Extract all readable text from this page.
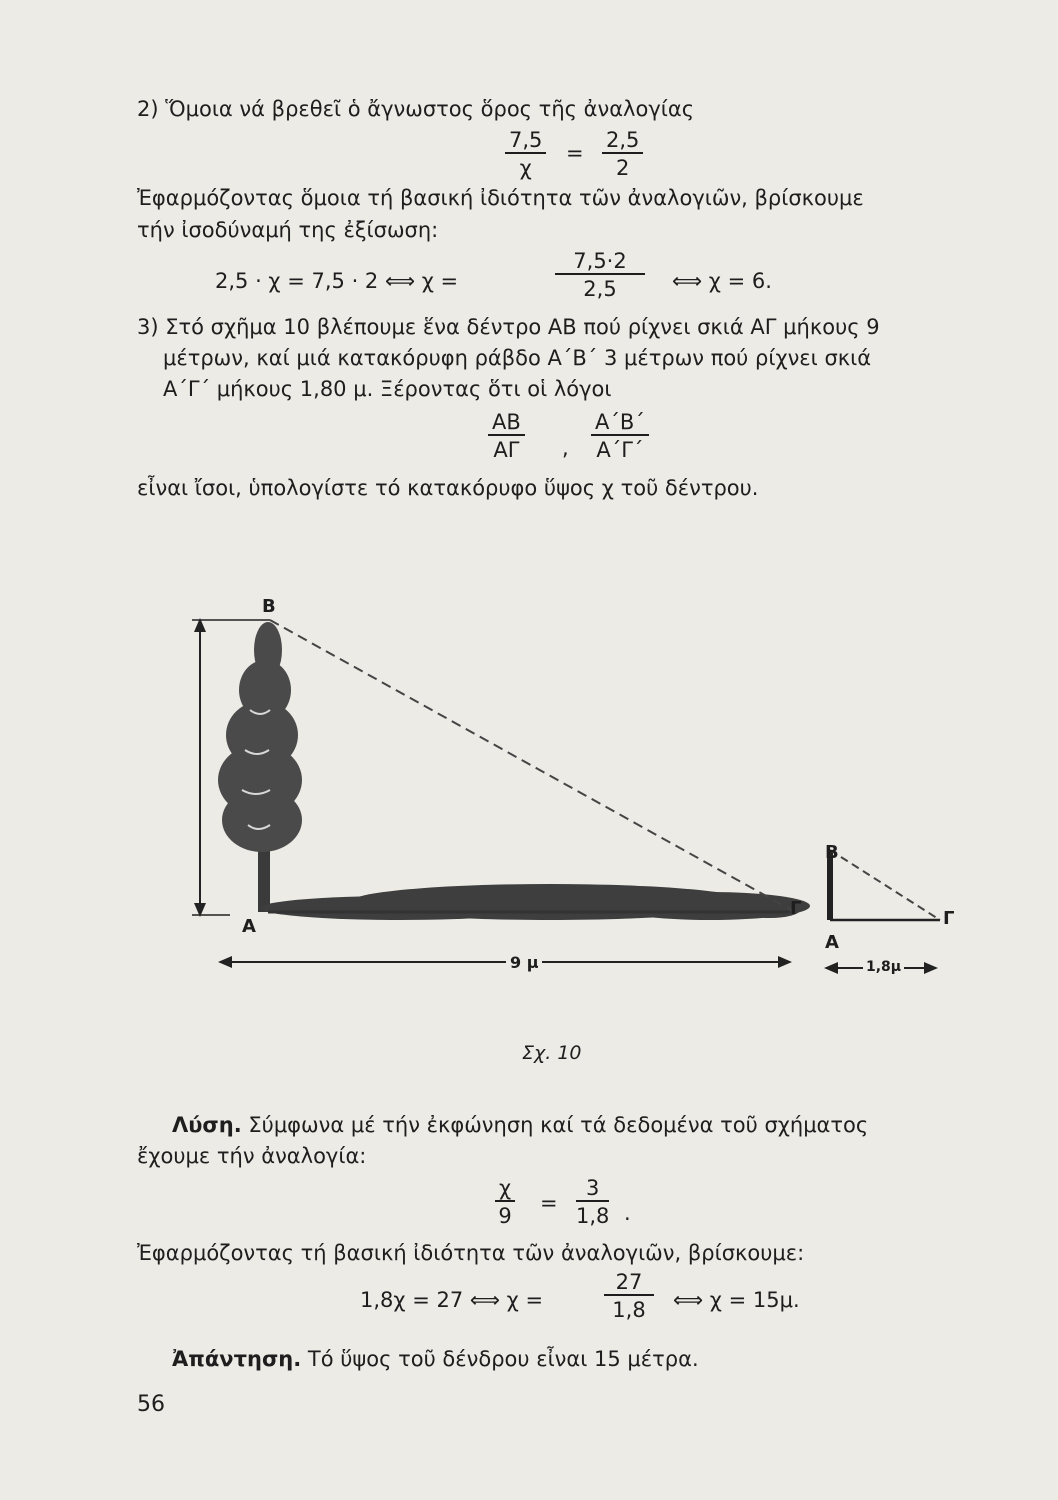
2) Ὅμοια νά βρεθεῖ ὁ ἄγνωστος ὅρος τῆς ἀναλογίας
$\frac{7,5}{\chi} = \frac{2,5}{2}$
Ἐφαρμόζοντας ὅμοια τή βασική ἰδιότητα τῶν ἀναλογιῶν, βρίσκουμε
τήν ἰσοδύναμή της ἐξίσωση:
2,5 · χ = 7,5 · 2 ⟺ χ =	$\frac{7,5\cdot 2}{2,5}$ ⟺ χ = 6.
3) Στό σχῆμα 10 βλέπουμε ἕνα δέντρο ΑΒ πού ρίχνει σκιά ΑΓ μήκους 9
μέτρων, καί μιά κατακόρυφη ράβδο Α΄Β΄ 3 μέτρων πού ρίχνει σκιά
Α΄Γ΄ μήκους 1,80 μ. Ξέροντας ὅτι οἱ λόγοι
$\frac{AB}{A\Gamma}$ , $\frac{A΄B΄}{A΄\Gamma΄}$
εἶναι ἴσοι, ὑπολογίστε τό κατακόρυφο ὕψος χ τοῦ δέντρου.
Β
Α
Γ
9 μ
Β
Α
Γ
1,8μ
Σχ. 10
Λύση. Σύμφωνα μέ τήν ἐκφώνηση καί τά δεδομένα τοῦ σχήματος
ἔχουμε τήν ἀναλογία:
$\frac{\chi}{9} = \frac{3}{1,8}$ .
Ἐφαρμόζοντας τή βασική ἰδιότητα τῶν ἀναλογιῶν, βρίσκουμε:
1,8χ = 27 ⟺ χ =	$\frac{27}{1,8}$ ⟺ χ = 15μ.
Ἀπάντηση. Τό ὕψος τοῦ δένδρου εἶναι 15 μέτρα.
56
